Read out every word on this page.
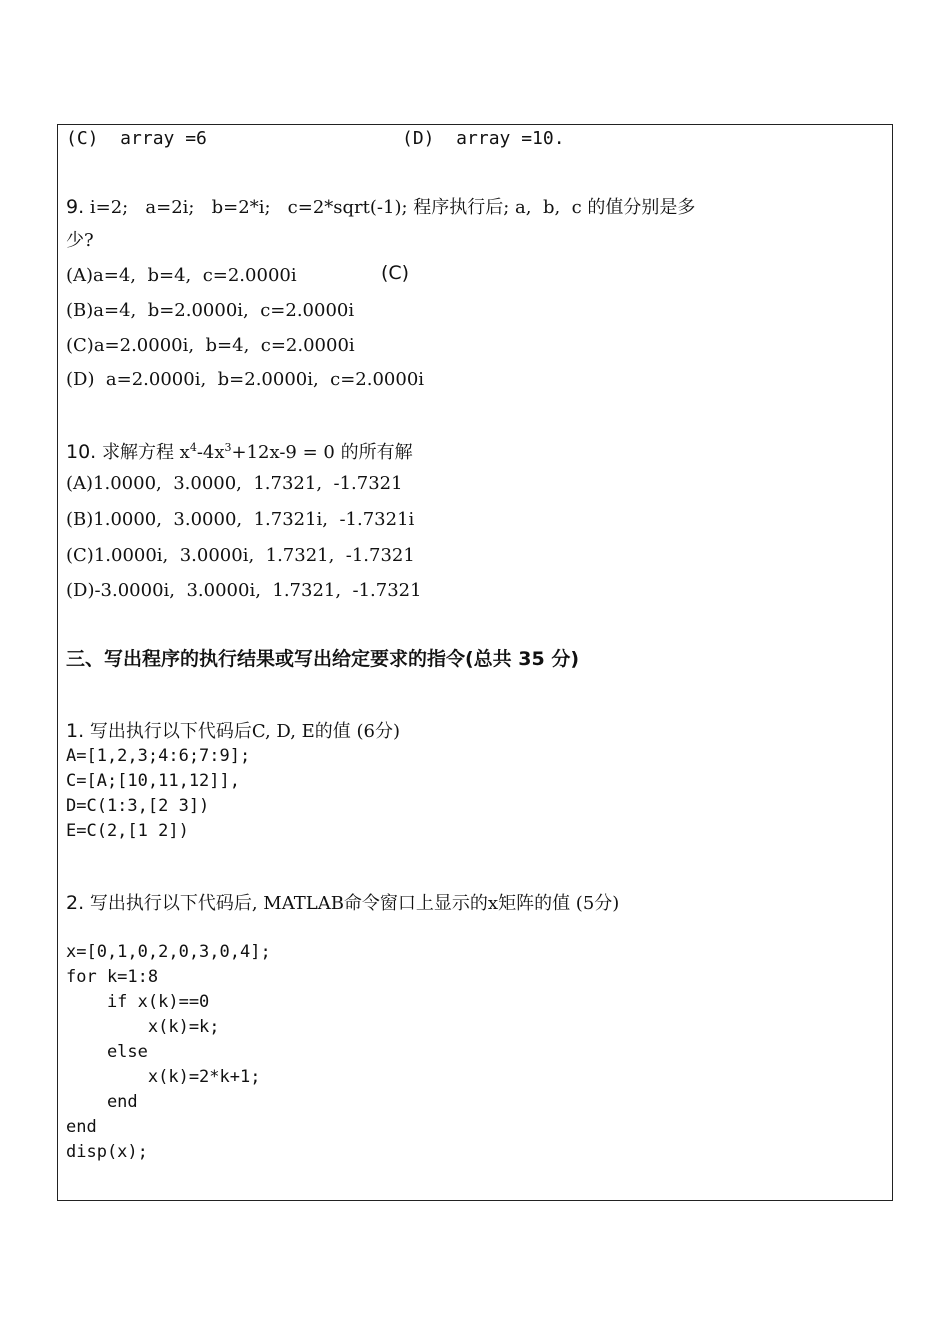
(C)  array =6	(D)  array =10.
9. i=2;   a=2i;   b=2*i;   c=2*sqrt(-1); 程序执行后; a,  b,  c 的值分别是多
少?
(A)a=4,  b=4,  c=2.0000i	(C)
(B)a=4,  b=2.0000i,  c=2.0000i
(C)a=2.0000i,  b=4,  c=2.0000i
(D)  a=2.0000i,  b=2.0000i,  c=2.0000i
10. 求解方程 $x^4-4x^3+12x-9 = 0$ 的所有解
(A)1.0000,  3.0000,  1.7321,  -1.7321
(B)1.0000,  3.0000,  1.7321i,  -1.7321i
(C)1.0000i,  3.0000i,  1.7321,  -1.7321
(D)-3.0000i,  3.0000i,  1.7321,  -1.7321
三、写出程序的执行结果或写出给定要求的指令(总共 35 分)
1. 写出执行以下代码后C, D, E的值 (6分)
A=[1,2,3;4:6;7:9];
C=[A;[10,11,12]],
D=C(1:3,[2 3])
E=C(2,[1 2])
2. 写出执行以下代码后, MATLAB命令窗口上显示的x矩阵的值 (5分)
x=[0,1,0,2,0,3,0,4];
for k=1:8
if x(k)==0
x(k)=k;
else
x(k)=2*k+1;
end
end
disp(x);
